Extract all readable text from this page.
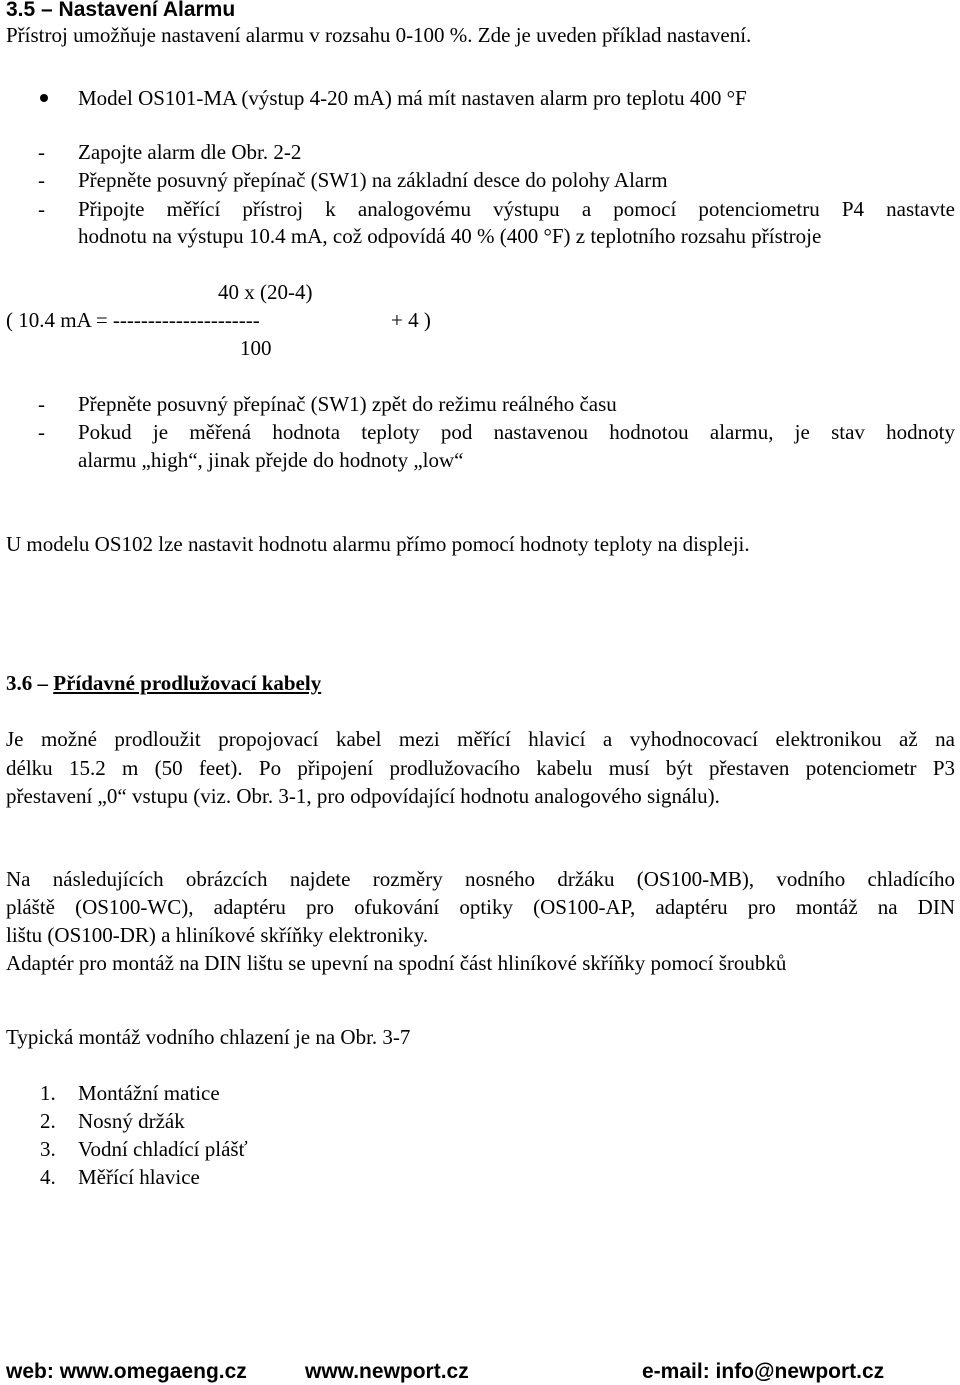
3.5 – Nastavení Alarmu
Přístroj umožňuje nastavení alarmu v rozsahu 0-100 %. Zde je uveden příklad nastavení.
Model OS101-MA (výstup 4-20 mA) má mít nastaven alarm pro teplotu 400 °F
- Zapojte alarm dle Obr. 2-2
- Přepněte posuvný přepínač (SW1) na základní desce do polohy Alarm
- Připojte měřící přístroj k analogovému výstupu a pomocí potenciometru P4 nastavte
hodnotu na výstupu 10.4 mA, což odpovídá 40 % (400 °F) z teplotního rozsahu přístroje
40 x (20-4)
( 10.4 mA = ---------------------	+ 4 )
100
- Přepněte posuvný přepínač (SW1) zpět do režimu reálného času
- Pokud je měřená hodnota teploty pod nastavenou hodnotou alarmu, je stav hodnoty
alarmu „high“, jinak přejde do hodnoty „low“
U modelu OS102 lze nastavit hodnotu alarmu přímo pomocí hodnoty teploty na displeji.
3.6 – Přídavné prodlužovací kabely
Je možné prodloužit propojovací kabel mezi měřící hlavicí a vyhodnocovací elektronikou až na
délku 15.2 m (50 feet). Po připojení prodlužovacího kabelu musí být přestaven potenciometr P3
přestavení „0“ vstupu (viz. Obr. 3-1, pro odpovídající hodnotu analogového signálu).
Na následujících obrázcích najdete rozměry nosného držáku (OS100-MB), vodního chladícího
pláště (OS100-WC), adaptéru pro ofukování optiky (OS100-AP, adaptéru pro montáž na DIN
lištu (OS100-DR) a hliníkové skříňky elektroniky.
Adaptér pro montáž na DIN lištu se upevní na spodní část hliníkové skříňky pomocí šroubků
Typická montáž vodního chlazení je na Obr. 3-7
1. Montážní matice
2. Nosný držák
3. Vodní chladící plášť
4. Měřící hlavice
web: www.omegaeng.cz	www.newport.cz	e-mail: info@newport.cz
